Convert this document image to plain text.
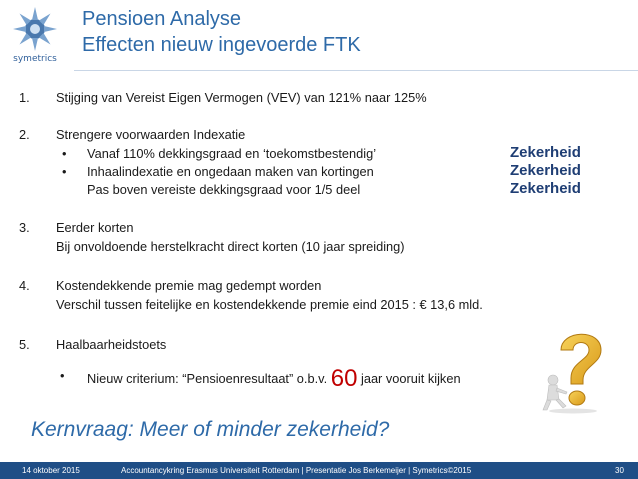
symetrics
Pensioen Analyse
Effecten nieuw ingevoerde FTK
1. Stijging van Vereist Eigen Vermogen (VEV) van 121% naar 125%
2. Strengere voorwaarden Indexatie
• Vanaf 110% dekkingsgraad en ‘toekomstbestendig’
• Inhaalindexatie en ongedaan maken van kortingen
Pas boven vereiste dekkingsgraad voor 1/5 deel
Zekerheid
Zekerheid
Zekerheid
3. Eerder korten
Bij onvoldoende herstelkracht direct korten (10 jaar spreiding)
4. Kostendekkende premie mag gedempt worden
Verschil tussen feitelijke en kostendekkende premie eind 2015 : € 13,6 mld.
5. Haalbaarheidstoets
• Nieuw criterium: “Pensioenresultaat” o.b.v. 60 jaar vooruit kijken
Kernvraag: Meer of minder zekerheid?
14 oktober 2015	Accountancykring Erasmus Universiteit Rotterdam | Presentatie Jos Berkemeijer | Symetrics©2015	30
